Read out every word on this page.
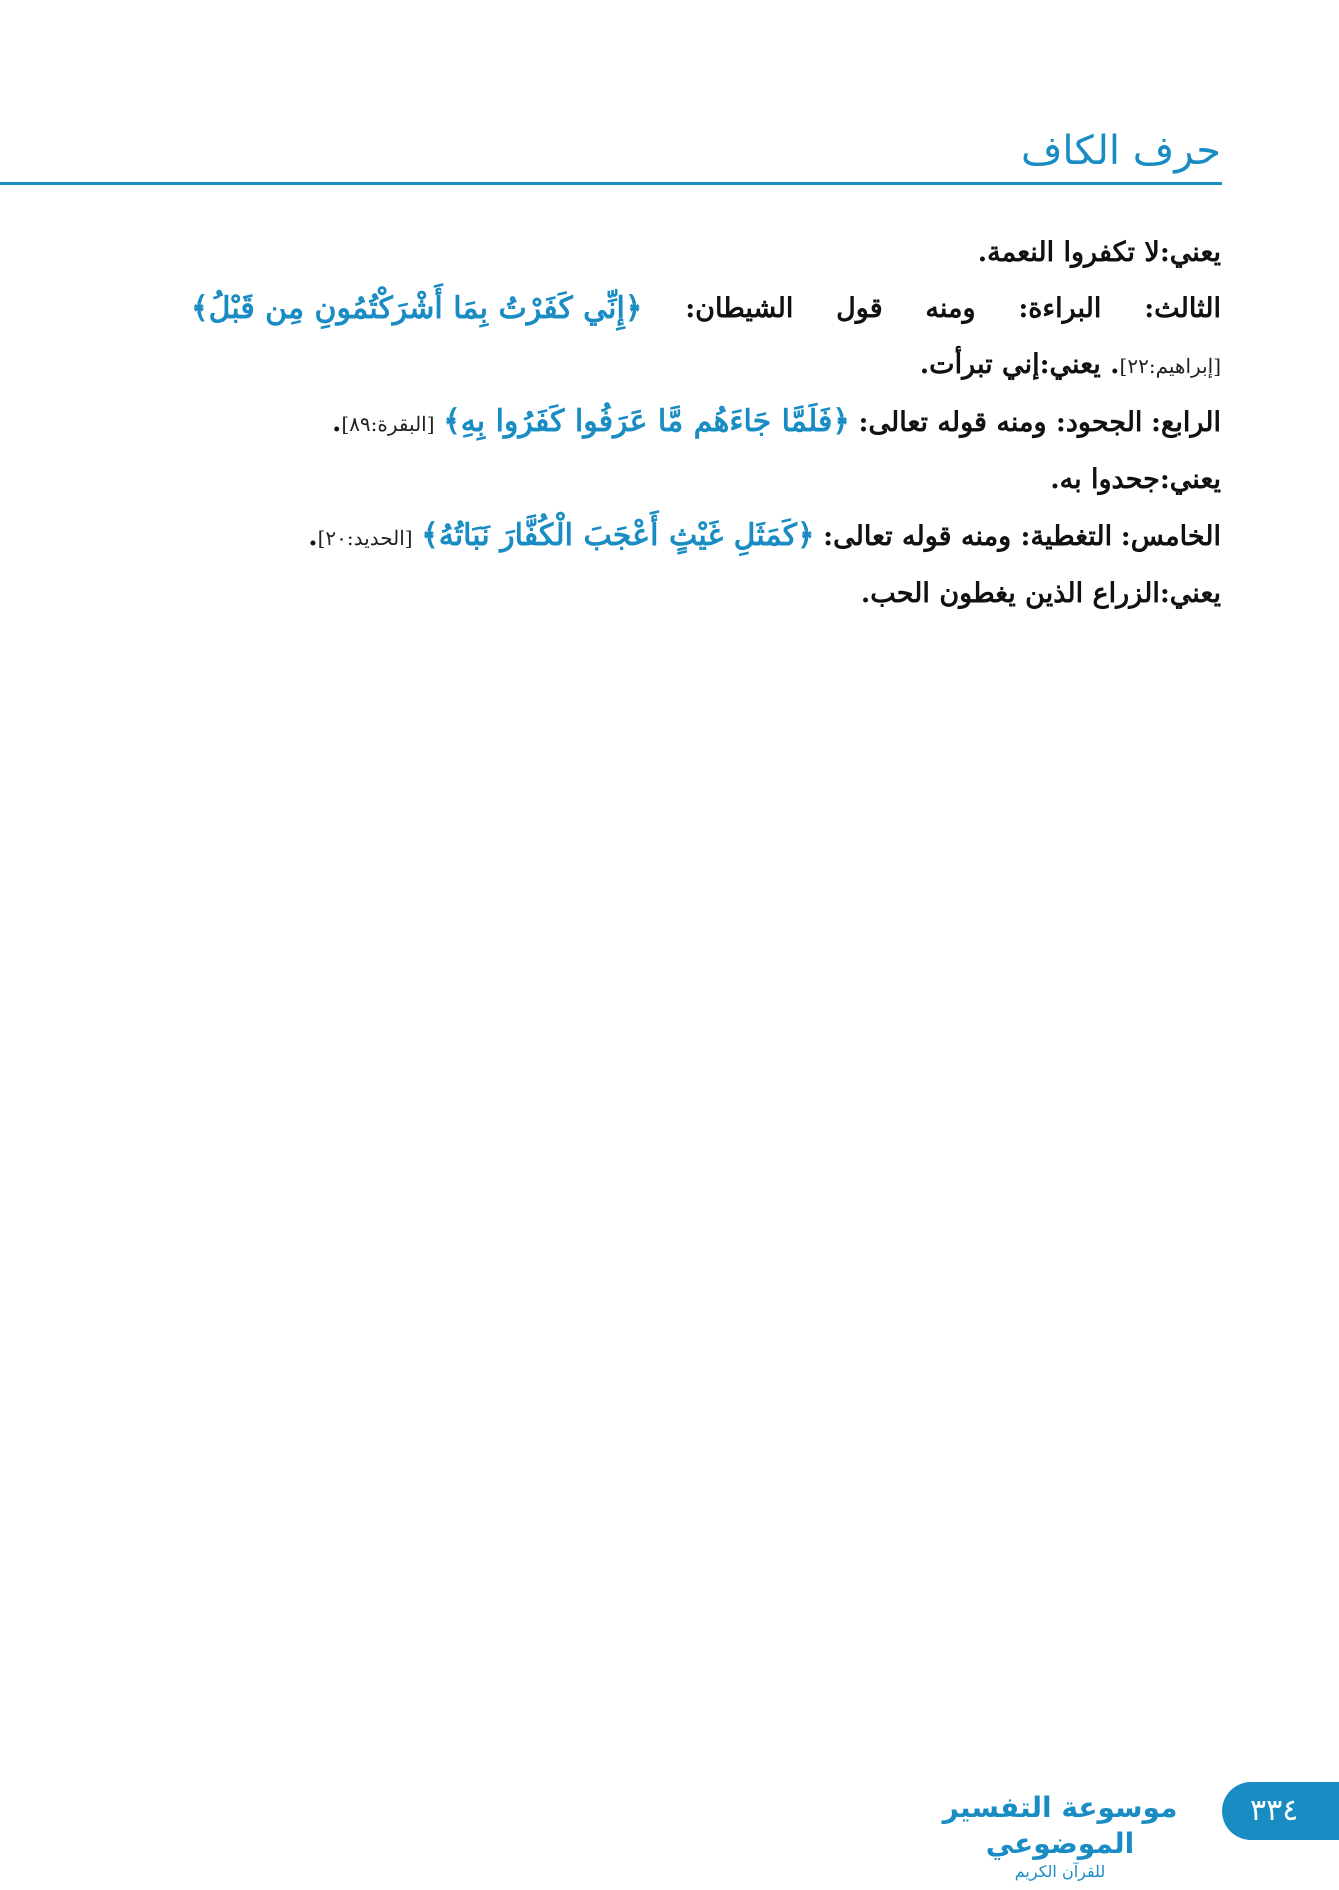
حرف الكاف
يعني:لا تكفروا النعمة.
الثالث:
البراءة:
ومنه
قول
الشيطان:
﴿إِنِّي كَفَرْتُ بِمَا أَشْرَكْتُمُونِ مِن قَبْلُ﴾
[إبراهيم:٢٢]. يعني:إني تبرأت.
الرابع: الجحود: ومنه قوله تعالى: ﴿فَلَمَّا جَاءَهُم مَّا عَرَفُوا كَفَرُوا بِهِ﴾ [البقرة:٨٩].
يعني:جحدوا به.
الخامس: التغطية: ومنه قوله تعالى: ﴿كَمَثَلِ غَيْثٍ أَعْجَبَ الْكُفَّارَ نَبَاتُهُ﴾ [الحديد:٢٠].
يعني:الزراع الذين يغطون الحب.
موسوعة التفسير الموضوعي
للقرآن الكريم
٣٣٤
